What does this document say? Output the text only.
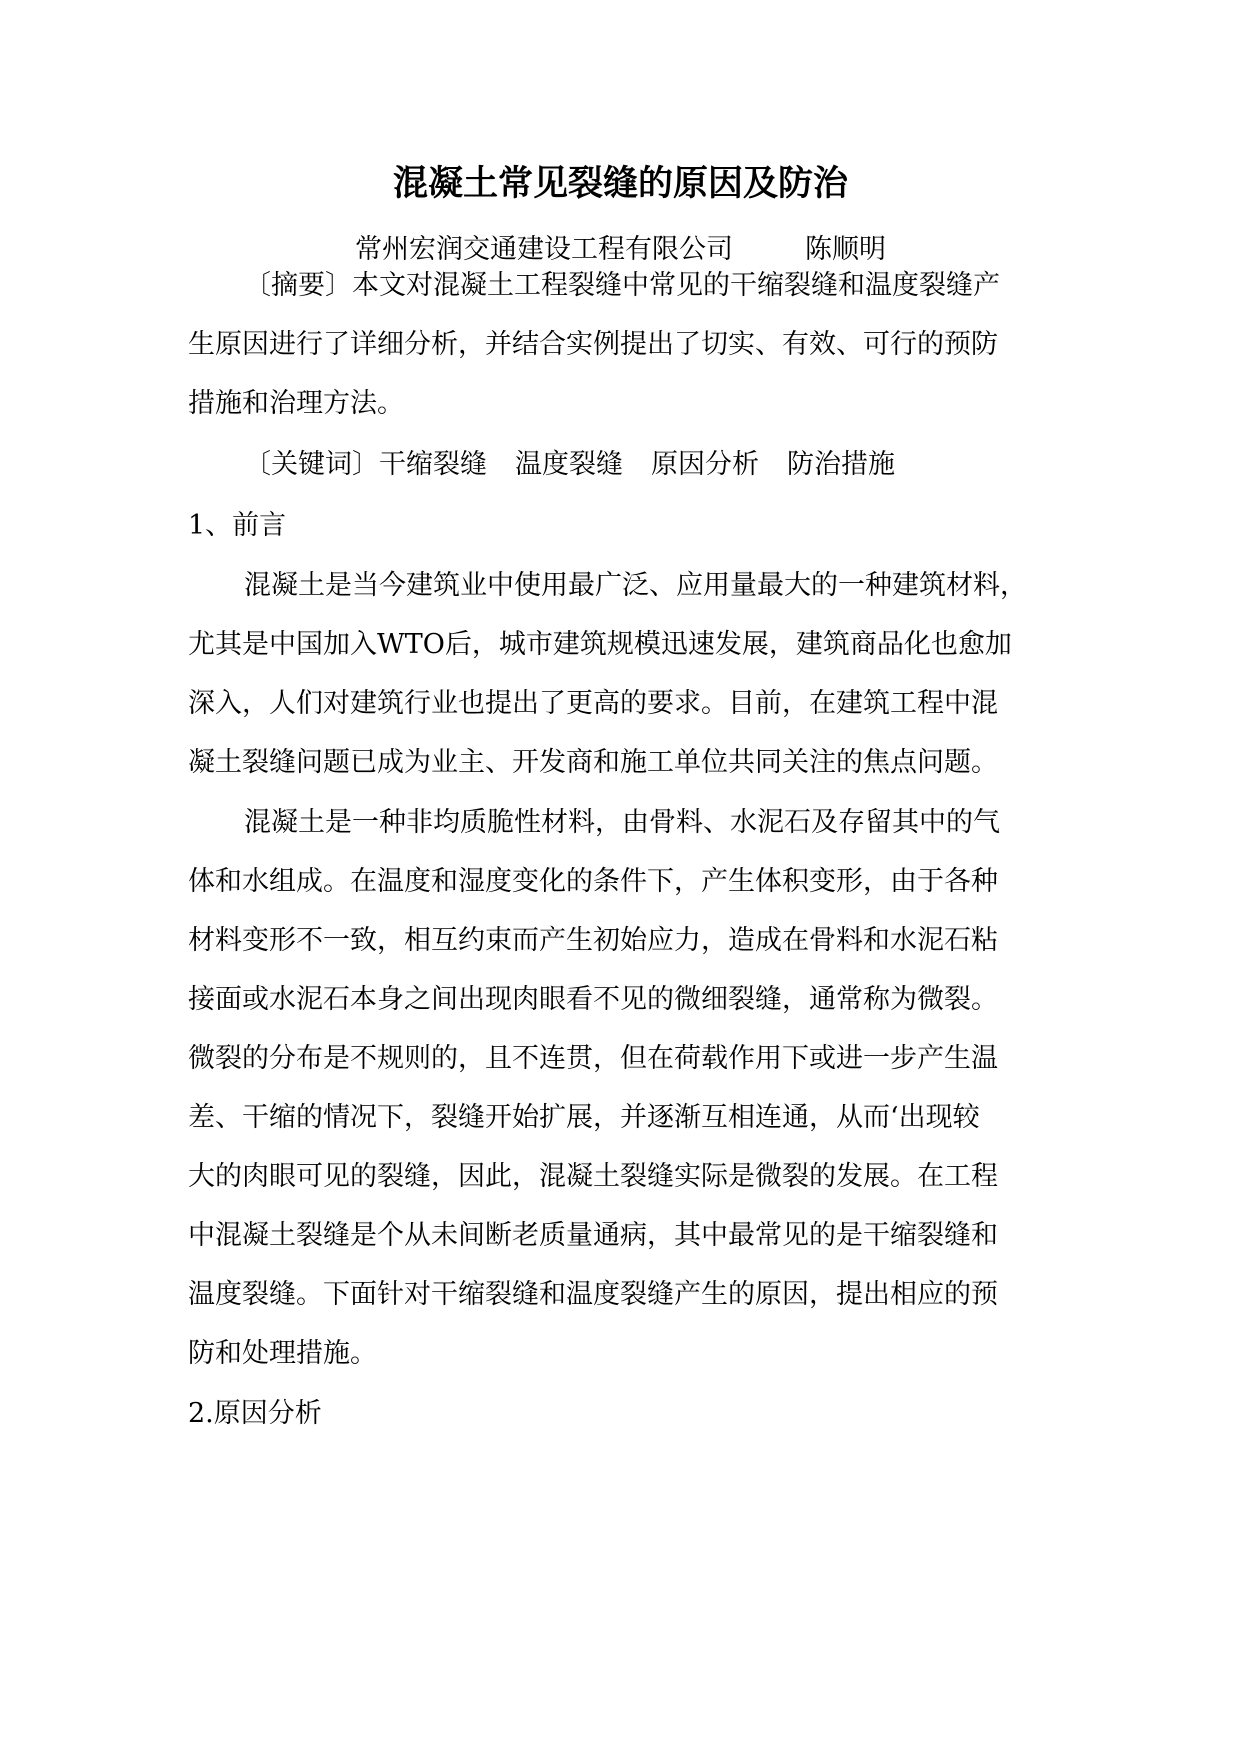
混凝土常见裂缝的原因及防治
常州宏润交通建设工程有限公司	陈顺明
〔摘要〕本文对混凝土工程裂缝中常见的干缩裂缝和温度裂缝产
生原因进行了详细分析，并结合实例提出了切实、有效、可行的预防
措施和治理方法。
〔关键词〕干缩裂缝 温度裂缝 原因分析 防治措施
1、前言
混凝土是当今建筑业中使用最广泛、应用量最大的一种建筑材料，
尤其是中国加入WTO后，城市建筑规模迅速发展，建筑商品化也愈加
深入，人们对建筑行业也提出了更高的要求。目前，在建筑工程中混
凝土裂缝问题已成为业主、开发商和施工单位共同关注的焦点问题。
混凝土是一种非均质脆性材料，由骨料、水泥石及存留其中的气
体和水组成。在温度和湿度变化的条件下，产生体积变形，由于各种
材料变形不一致，相互约束而产生初始应力，造成在骨料和水泥石粘
接面或水泥石本身之间出现肉眼看不见的微细裂缝，通常称为微裂。
微裂的分布是不规则的，且不连贯，但在荷载作用下或进一步产生温
差、干缩的情况下，裂缝开始扩展，并逐渐互相连通，从而‘出现较
大的肉眼可见的裂缝，因此，混凝土裂缝实际是微裂的发展。在工程
中混凝土裂缝是个从未间断老质量通病，其中最常见的是干缩裂缝和
温度裂缝。下面针对干缩裂缝和温度裂缝产生的原因，提出相应的预
防和处理措施。
2.原因分析
